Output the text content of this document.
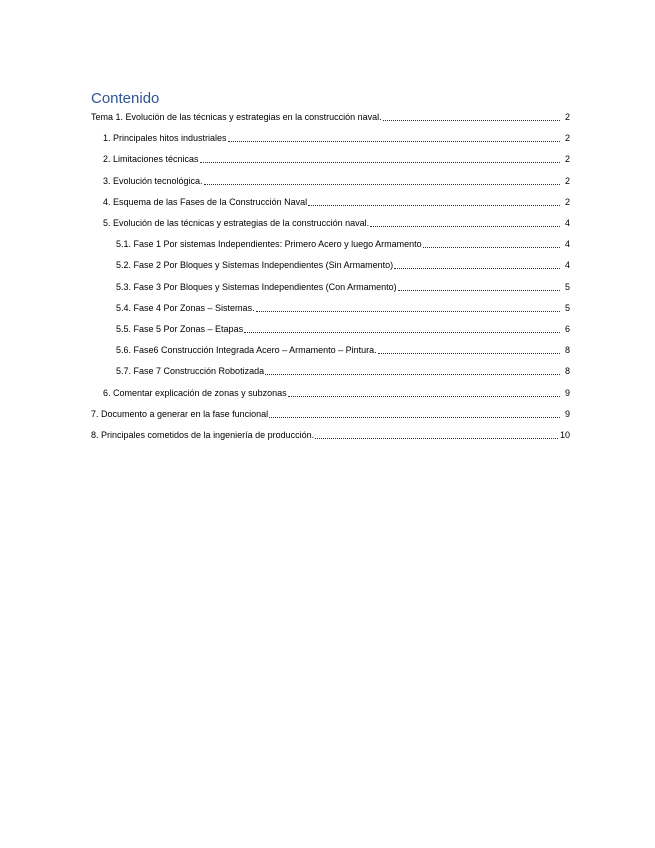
Contenido
Tema 1. Evolución de las técnicas y estrategias en la construcción naval.	2
1. Principales hitos industriales	2
2. Limitaciones técnicas	2
3. Evolución tecnológica.	2
4. Esquema de las Fases de la Construcción Naval	2
5. Evolución de las técnicas y estrategias de la construcción naval.	4
5.1. Fase 1 Por sistemas Independientes: Primero Acero y luego Armamento	4
5.2. Fase 2 Por Bloques y Sistemas Independientes (Sin Armamento)	4
5.3. Fase 3 Por Bloques y Sistemas Independientes (Con Armamento)	5
5.4. Fase 4 Por Zonas – Sistemas.	5
5.5. Fase 5 Por Zonas – Etapas	6
5.6. Fase6 Construcción Integrada Acero – Armamento – Pintura.	8
5.7. Fase 7 Construcción Robotizada	8
6. Comentar explicación de zonas y subzonas	9
7. Documento a generar en la fase funcional	9
8. Principales cometidos de la ingeniería de producción.	10
